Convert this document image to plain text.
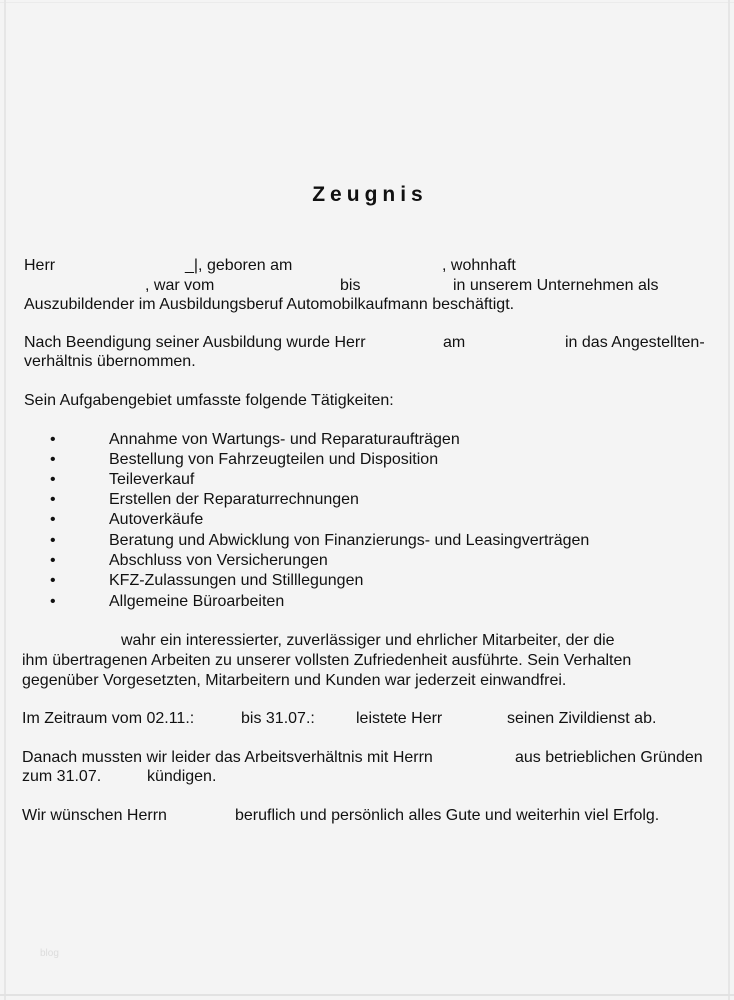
Zeugnis
Herr	_|, geboren am	, wohnhaft
, war vom	bis	in unserem Unternehmen als
Auszubildender im Ausbildungsberuf Automobilkaufmann beschäftigt.
Nach Beendigung seiner Ausbildung wurde Herr	am	in das Angestellten-
verhältnis übernommen.
Sein Aufgabengebiet umfasste folgende Tätigkeiten:
•	Annahme von Wartungs- und Reparaturaufträgen
•	Bestellung von Fahrzeugteilen und Disposition
•	Teileverkauf
•	Erstellen der Reparaturrechnungen
•	Autoverkäufe
•	Beratung und Abwicklung von Finanzierungs- und Leasingverträgen
•	Abschluss von Versicherungen
•	KFZ-Zulassungen und Stilllegungen
•	Allgemeine Büroarbeiten
wahr ein interessierter, zuverlässiger und ehrlicher Mitarbeiter, der die
ihm übertragenen Arbeiten zu unserer vollsten Zufriedenheit ausführte. Sein Verhalten
gegenüber Vorgesetzten, Mitarbeitern und Kunden war jederzeit einwandfrei.
Im Zeitraum vom 02.11.:	bis 31.07.:	leistete Herr	seinen Zivildienst ab.
Danach mussten wir leider das Arbeitsverhältnis mit Herrn	aus betrieblichen Gründen
zum 31.07.	kündigen.
Wir wünschen Herrn	beruflich und persönlich alles Gute und weiterhin viel Erfolg.
blog
